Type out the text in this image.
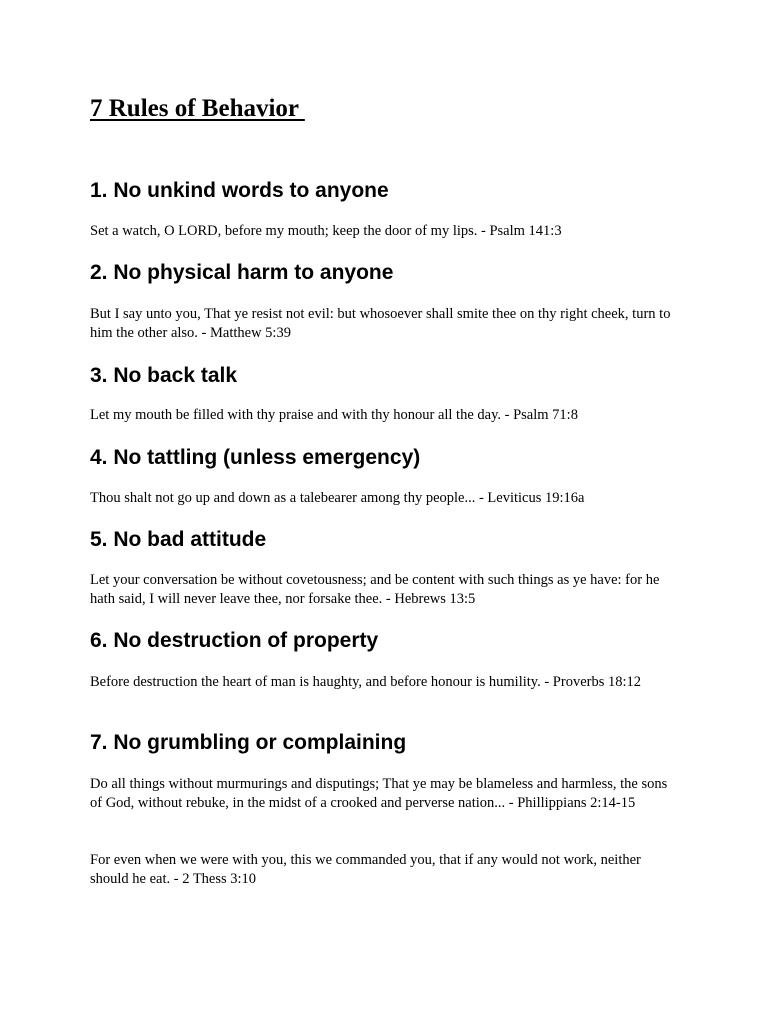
7 Rules of Behavior
1. No unkind words to anyone

Set a watch, O LORD, before my mouth; keep the door of my lips. - Psalm 141:3

2. No physical harm to anyone

But I say unto you, That ye resist not evil: but whosoever shall smite thee on thy right cheek, turn to him the other also. - Matthew 5:39

3. No back talk

Let my mouth be filled with thy praise and with thy honour all the day. - Psalm 71:8

4. No tattling (unless emergency)

Thou shalt not go up and down as a talebearer among thy people... - Leviticus 19:16a

5. No bad attitude

Let your conversation be without covetousness; and be content with such things as ye have: for he hath said, I will never leave thee, nor forsake thee. - Hebrews 13:5

6. No destruction of property

Before destruction the heart of man is haughty, and before honour is humility. - Proverbs 18:12

7. No grumbling or complaining

Do all things without murmurings and disputings; That ye may be blameless and harmless, the sons of God, without rebuke, in the midst of a crooked and perverse nation... - Phillippians 2:14-15

For even when we were with you, this we commanded you, that if any would not work, neither should he eat. - 2 Thess 3:10
